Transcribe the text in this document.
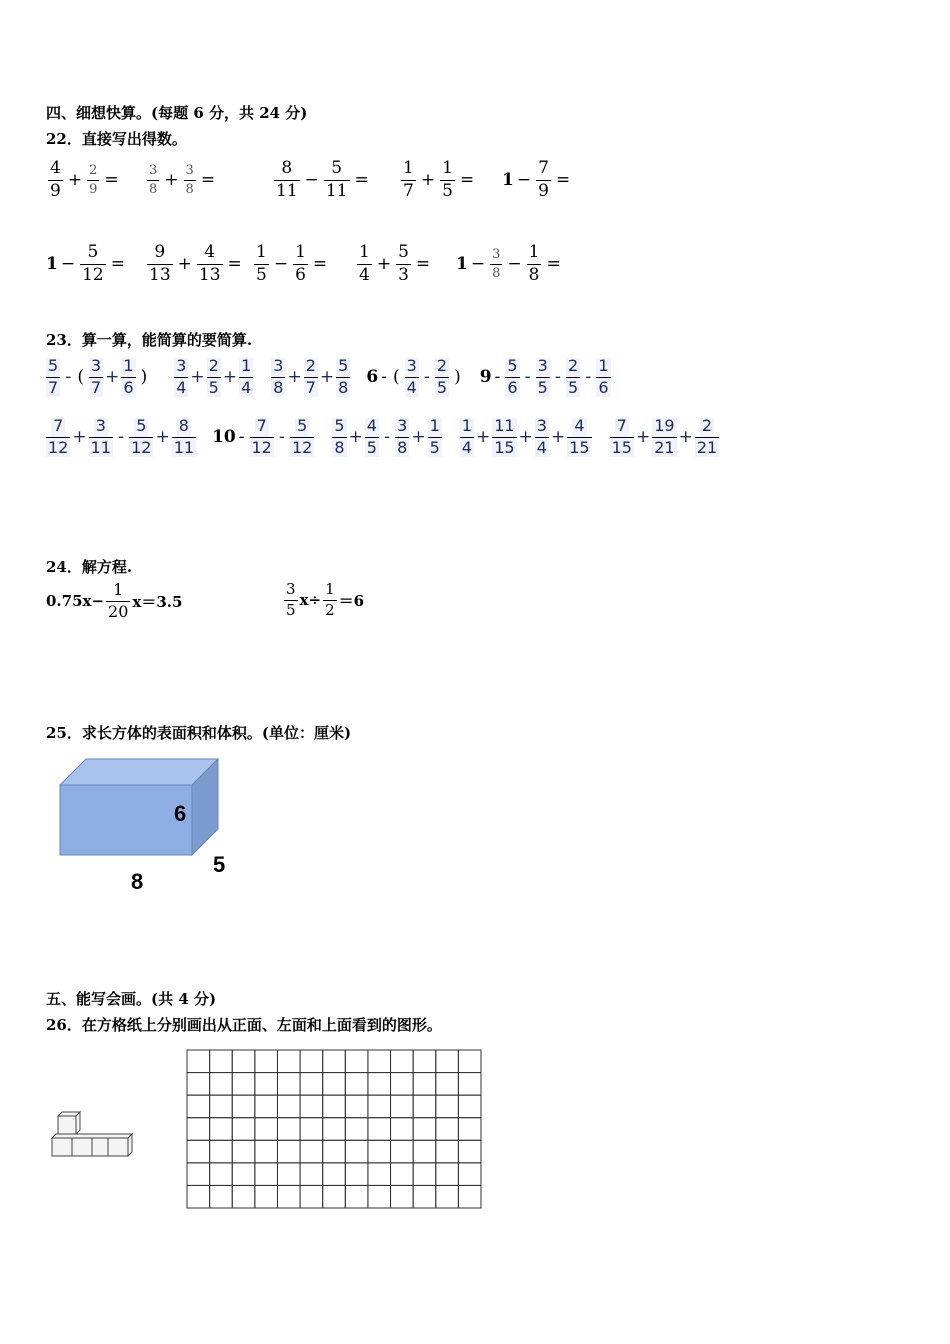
四、细想快算。(每题 6 分，共 24 分)
22．直接写出得数。
$\frac{4}{9} + \frac{2}{9} = \frac{3}{8} + \frac{3}{8}$ =	$\frac{8}{11} - \frac{5}{11} = \frac{1}{7} + \frac{1}{5} = 1 - \frac{7}{9}$ =
$1 - \frac{5}{12} = \frac{9}{13} + \frac{4}{13} = \frac{1}{5} - \frac{1}{6} = \frac{1}{4} + \frac{5}{3} = 1 - \frac{3}{8} - \frac{1}{8}$ =
23．算一算，能简算的要简算.
$\frac{5}{7}$ - ( $\frac{3}{7} + \frac{1}{6}$ ) $\frac{3}{4} + \frac{2}{5} + \frac{1}{4} \frac{3}{8} + \frac{2}{7} + \frac{5}{8} 6$ - ( $\frac{3}{4} - \frac{2}{5}$ ) $9 - \frac{5}{6} - \frac{3}{5} - \frac{2}{5} - \frac{1}{6}$
$\frac{7}{12} + \frac{3}{11} - \frac{5}{12} + \frac{8}{11} 10 - \frac{7}{12} - \frac{5}{12} \frac{5}{8} + \frac{4}{5} - \frac{3}{8} + \frac{1}{5} \frac{1}{4} + \frac{11}{15} + \frac{3}{4} + \frac{4}{15} \frac{7}{15} + \frac{19}{21} + \frac{2}{21}$
24．解方程.
$0.75x- \frac{1}{20} x=3.5$	$\frac{3}{5} x\div \frac{1}{2} =6$
25．求长方体的表面积和体积。(单位：厘米)
6
5
8
五、能写会画。(共 4 分)
26．在方格纸上分别画出从正面、左面和上面看到的图形。
